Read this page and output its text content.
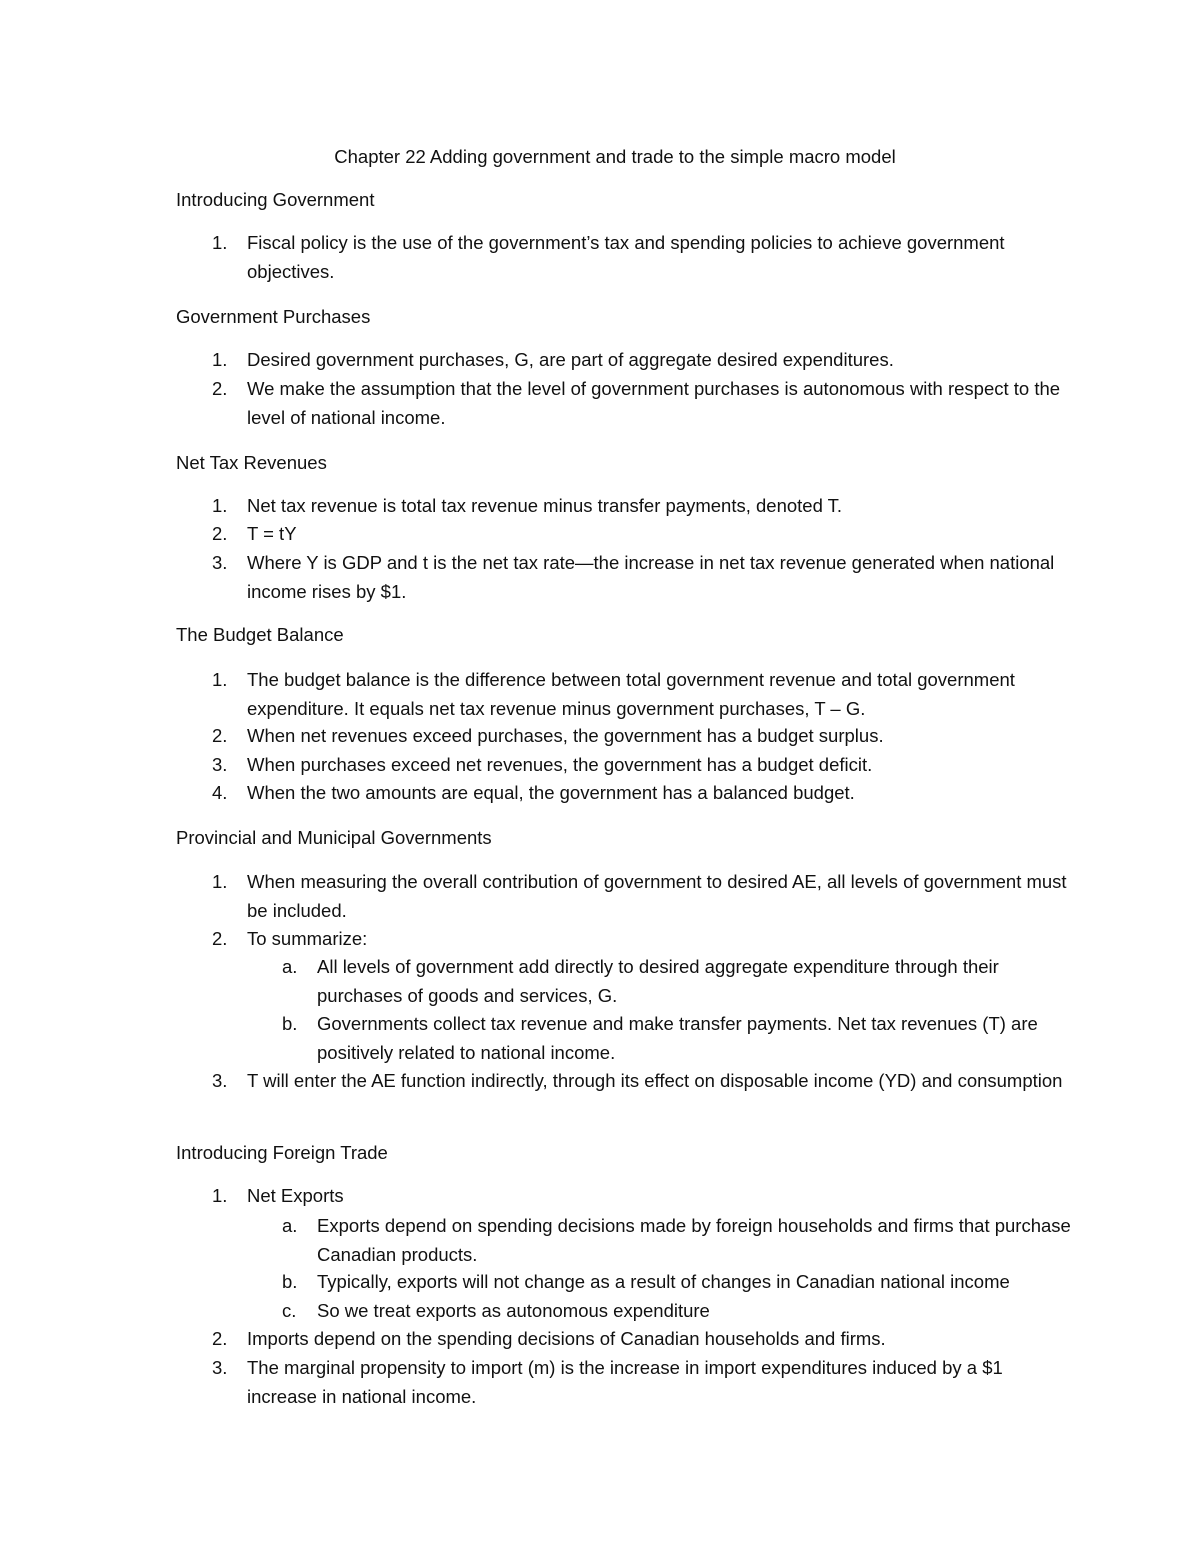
Chapter 22 Adding government and trade to the simple macro model
Introducing Government
1. Fiscal policy is the use of the government’s tax and spending policies to achieve government objectives.
Government Purchases
1. Desired government purchases, G, are part of aggregate desired expenditures.
2. We make the assumption that the level of government purchases is autonomous with respect to the level of national income.
Net Tax Revenues
1. Net tax revenue is total tax revenue minus transfer payments, denoted T.
2. T = tY
3. Where Y is GDP and t is the net tax rate—the increase in net tax revenue generated when national income rises by $1.
The Budget Balance
1. The budget balance is the difference between total government revenue and total government expenditure. It equals net tax revenue minus government purchases, T – G.
2. When net revenues exceed purchases, the government has a budget surplus.
3. When purchases exceed net revenues, the government has a budget deficit.
4. When the two amounts are equal, the government has a balanced budget.
Provincial and Municipal Governments
1. When measuring the overall contribution of government to desired AE, all levels of government must be included.
2. To summarize:
a. All levels of government add directly to desired aggregate expenditure through their purchases of goods and services, G.
b. Governments collect tax revenue and make transfer payments. Net tax revenues (T) are positively related to national income.
3. T will enter the AE function indirectly, through its effect on disposable income (YD) and consumption
Introducing Foreign Trade
1. Net Exports
a. Exports depend on spending decisions made by foreign households and firms that purchase Canadian products.
b. Typically, exports will not change as a result of changes in Canadian national income
c. So we treat exports as autonomous expenditure
2. Imports depend on the spending decisions of Canadian households and firms.
3. The marginal propensity to import (m) is the increase in import expenditures induced by a $1 increase in national income.
